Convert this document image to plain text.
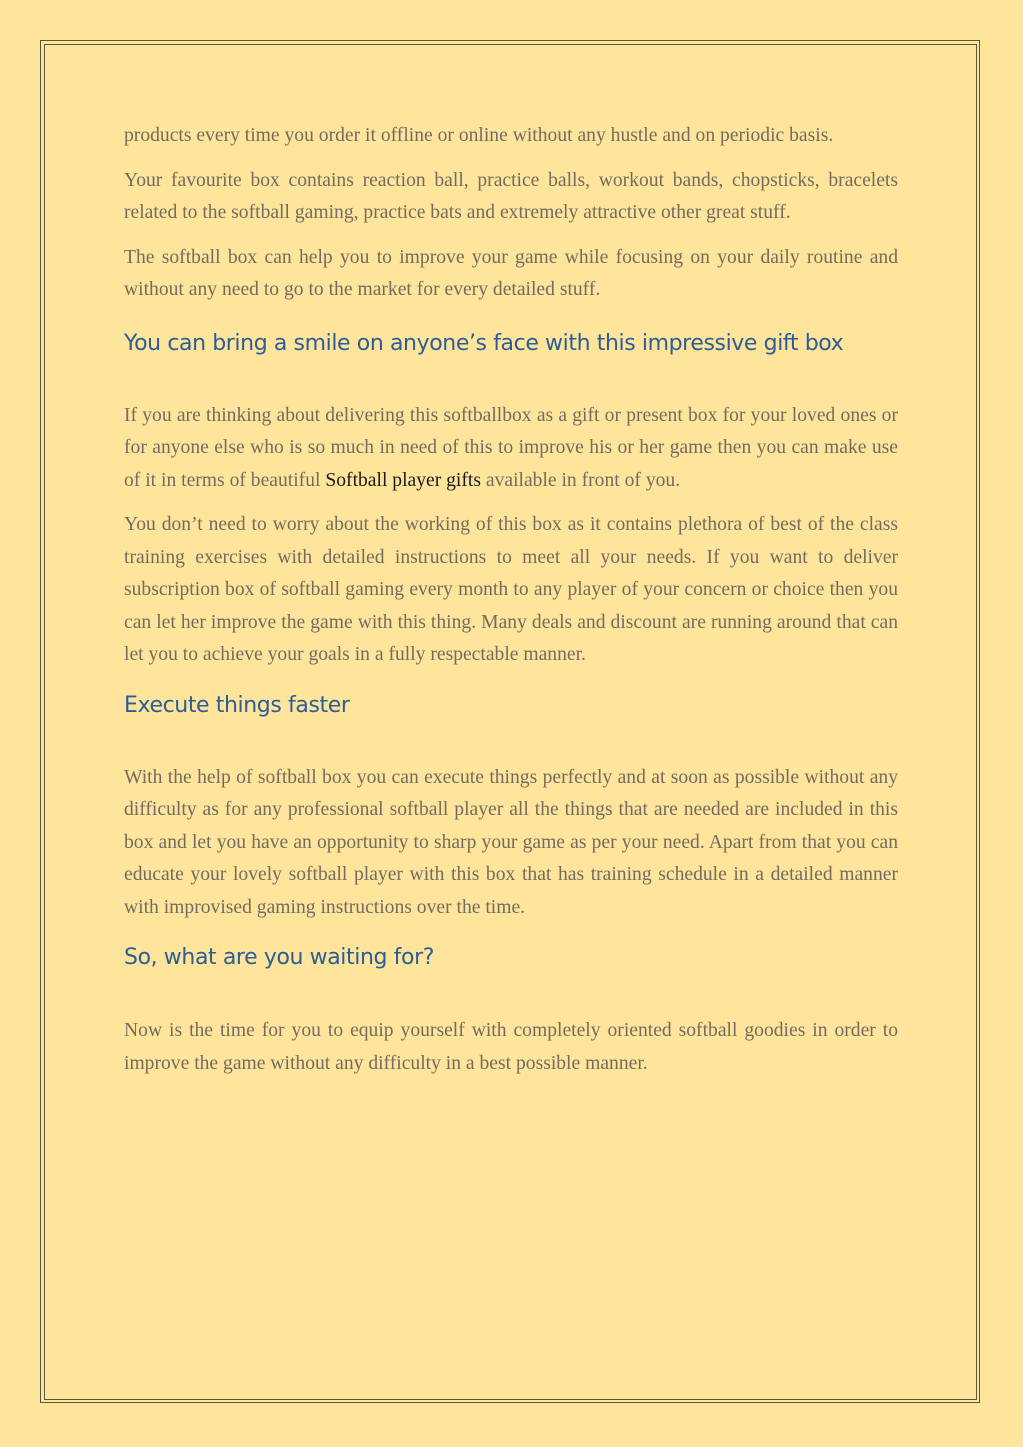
products every time you order it offline or online without any hustle and on periodic basis.

Your favourite box contains reaction ball, practice balls, workout bands, chopsticks, bracelets related to the softball gaming, practice bats and extremely attractive other great stuff.

The softball box can help you to improve your game while focusing on your daily routine and without any need to go to the market for every detailed stuff.

You can bring a smile on anyone’s face with this impressive gift box

If you are thinking about delivering this softballbox as a gift or present box for your loved ones or for anyone else who is so much in need of this to improve his or her game then you can make use of it in terms of beautiful Softball player gifts available in front of you.

You don’t need to worry about the working of this box as it contains plethora of best of the class training exercises with detailed instructions to meet all your needs. If you want to deliver subscription box of softball gaming every month to any player of your concern or choice then you can let her improve the game with this thing. Many deals and discount are running around that can let you to achieve your goals in a fully respectable manner.

Execute things faster

With the help of softball box you can execute things perfectly and at soon as possible without any difficulty as for any professional softball player all the things that are needed are included in this box and let you have an opportunity to sharp your game as per your need. Apart from that you can educate your lovely softball player with this box that has training schedule in a detailed manner with improvised gaming instructions over the time.

So, what are you waiting for?

Now is the time for you to equip yourself with completely oriented softball goodies in order to improve the game without any difficulty in a best possible manner.
